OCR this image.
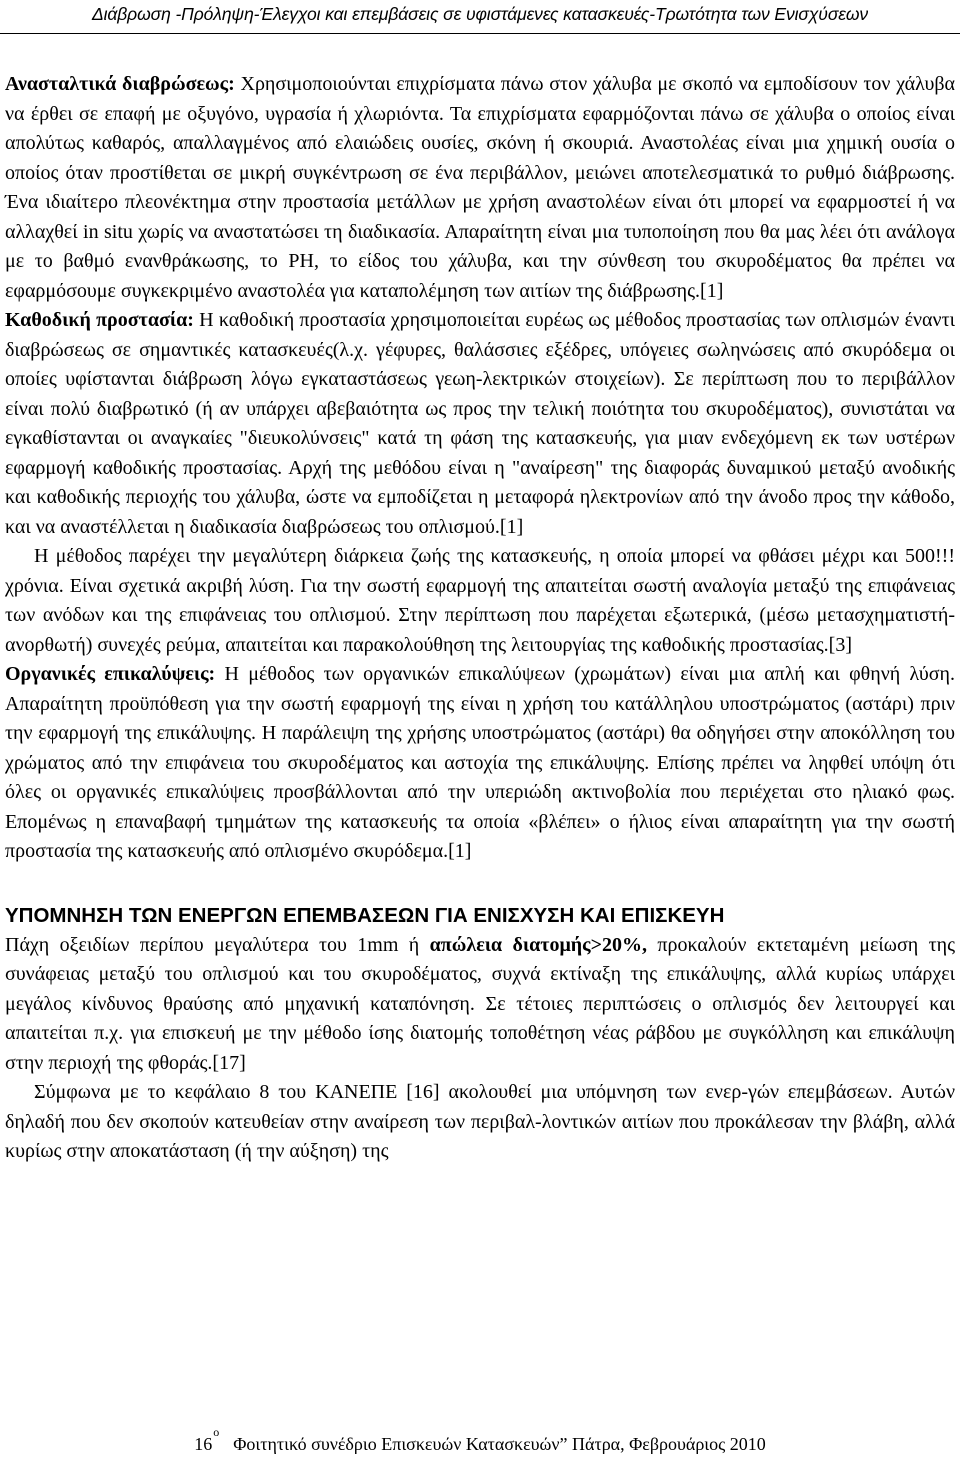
Διάβρωση -Πρόληψη-Έλεγχοι και επεμβάσεις σε υφιστάμενες κατασκευές-Τρωτότητα των Ενισχύσεων

Ανασταλτικά διαβρώσεως: Χρησιμοποιούνται επιχρίσματα πάνω στον χάλυβα με σκοπό να εμποδίσουν τον χάλυβα να έρθει σε επαφή με οξυγόνο, υγρασία ή χλωριόντα. Τα επιχρίσματα εφαρμόζονται πάνω σε χάλυβα ο οποίος είναι απολύτως καθαρός, απαλλαγμένος από ελαιώδεις ουσίες, σκόνη ή σκουριά. Αναστολέας είναι μια χημική ουσία ο οποίος όταν προστίθεται σε μικρή συγκέντρωση σε ένα περιβάλλον, μειώνει αποτελεσματικά το ρυθμό διάβρωσης. Ένα ιδιαίτερο πλεονέκτημα στην προστασία μετάλλων με χρήση αναστολέων είναι ότι μπορεί να εφαρμοστεί ή να αλλαχθεί in situ χωρίς να αναστατώσει τη διαδικασία. Απαραίτητη είναι μια τυποποίηση που θα μας λέει ότι ανάλογα με το βαθμό ενανθράκωσης, το PH, το είδος του χάλυβα, και την σύνθεση του σκυροδέματος θα πρέπει να εφαρμόσουμε συγκεκριμένο αναστολέα για καταπολέμηση των αιτίων της διάβρωσης.[1]

Καθοδική προστασία: Η καθοδική προστασία χρησιμοποιείται ευρέως ως μέθοδος προστασίας των οπλισμών έναντι διαβρώσεως σε σημαντικές κατασκευές(λ.χ. γέφυρες, θαλάσσιες εξέδρες, υπόγειες σωληνώσεις από σκυρόδεμα οι οποίες υφίστανται διάβρωση λόγω εγκαταστάσεως γεωη-λεκτρικών στοιχείων). Σε περίπτωση που το περιβάλλον είναι πολύ διαβρωτικό (ή αν υπάρχει αβεβαιότητα ως προς την τελική ποιότητα του σκυροδέματος), συνιστάται να εγκαθίστανται οι αναγκαίες "διευκολύνσεις" κατά τη φάση της κατασκευής, για μιαν ενδεχόμενη εκ των υστέρων εφαρμογή καθοδικής προστασίας. Αρχή της μεθόδου είναι η "αναίρεση" της διαφοράς δυναμικού μεταξύ ανοδικής και καθοδικής περιοχής του χάλυβα, ώστε να εμποδίζεται η μεταφορά ηλεκτρονίων από την άνοδο προς την κάθοδο, και να αναστέλλεται η διαδικασία διαβρώσεως του οπλισμού.[1]

Η μέθοδος παρέχει την μεγαλύτερη διάρκεια ζωής της κατασκευής, η οποία μπορεί να φθάσει μέχρι και 500!!! χρόνια. Είναι σχετικά ακριβή λύση. Για την σωστή εφαρμογή της απαιτείται σωστή αναλογία μεταξύ της επιφάνειας των ανόδων και της επιφάνειας του οπλισμού. Στην περίπτωση που παρέχεται εξωτερικά, (μέσω μετασχηματιστή-ανορθωτή) συνεχές ρεύμα, απαιτείται και παρακολούθηση της λειτουργίας της καθοδικής προστασίας.[3]

Οργανικές επικαλύψεις: Η μέθοδος των οργανικών επικαλύψεων (χρωμάτων) είναι μια απλή και φθηνή λύση. Απαραίτητη προϋπόθεση για την σωστή εφαρμογή της είναι η χρήση του κατάλληλου υποστρώματος (αστάρι) πριν την εφαρμογή της επικάλυψης. Η παράλειψη της χρήσης υποστρώματος (αστάρι) θα οδηγήσει στην αποκόλληση του χρώματος από την επιφάνεια του σκυροδέματος και αστοχία της επικάλυψης. Επίσης πρέπει να ληφθεί υπόψη ότι όλες οι οργανικές επικαλύψεις προσβάλλονται από την υπεριώδη ακτινοβολία που περιέχεται στο ηλιακό φως. Επομένως η επαναβαφή τμημάτων της κατασκευής τα οποία «βλέπει» ο ήλιος είναι απαραίτητη για την σωστή προστασία της κατασκευής από οπλισμένο σκυρόδεμα.[1]

ΥΠΟΜΝΗΣΗ ΤΩΝ ΕΝΕΡΓΩΝ ΕΠΕΜΒΑΣΕΩΝ ΓΙΑ ΕΝΙΣΧΥΣΗ ΚΑΙ ΕΠΙΣΚΕΥΗ

Πάχη οξειδίων περίπου μεγαλύτερα του 1mm ή απώλεια διατομής>20%, προκαλούν εκτεταμένη μείωση της συνάφειας μεταξύ του οπλισμού και του σκυροδέματος, συχνά εκτίναξη της επικάλυψης, αλλά κυρίως υπάρχει μεγάλος κίνδυνος θραύσης από μηχανική καταπόνηση. Σε τέτοιες περιπτώσεις ο οπλισμός δεν λειτουργεί και απαιτείται π.χ. για επισκευή με την μέθοδο ίσης διατομής τοποθέτηση νέας ράβδου με συγκόλληση και επικάλυψη στην περιοχή της φθοράς.[17]

Σύμφωνα με το κεφάλαιο 8 του ΚΑΝΕΠΕ [16] ακολουθεί μια υπόμνηση των ενερ-γών επεμβάσεων. Αυτών δηλαδή που δεν σκοπούν κατευθείαν στην αναίρεση των περιβαλ-λοντικών αιτίων που προκάλεσαν την βλάβη, αλλά κυρίως στην αποκατάσταση (ή την αύξηση) της

$16^o\Phi o\iota\tau\eta\tau\iota\kappa ό$ συνέδριο Επισκευών Κατασκευών” Πάτρα, Φεβρουάριος 2010
